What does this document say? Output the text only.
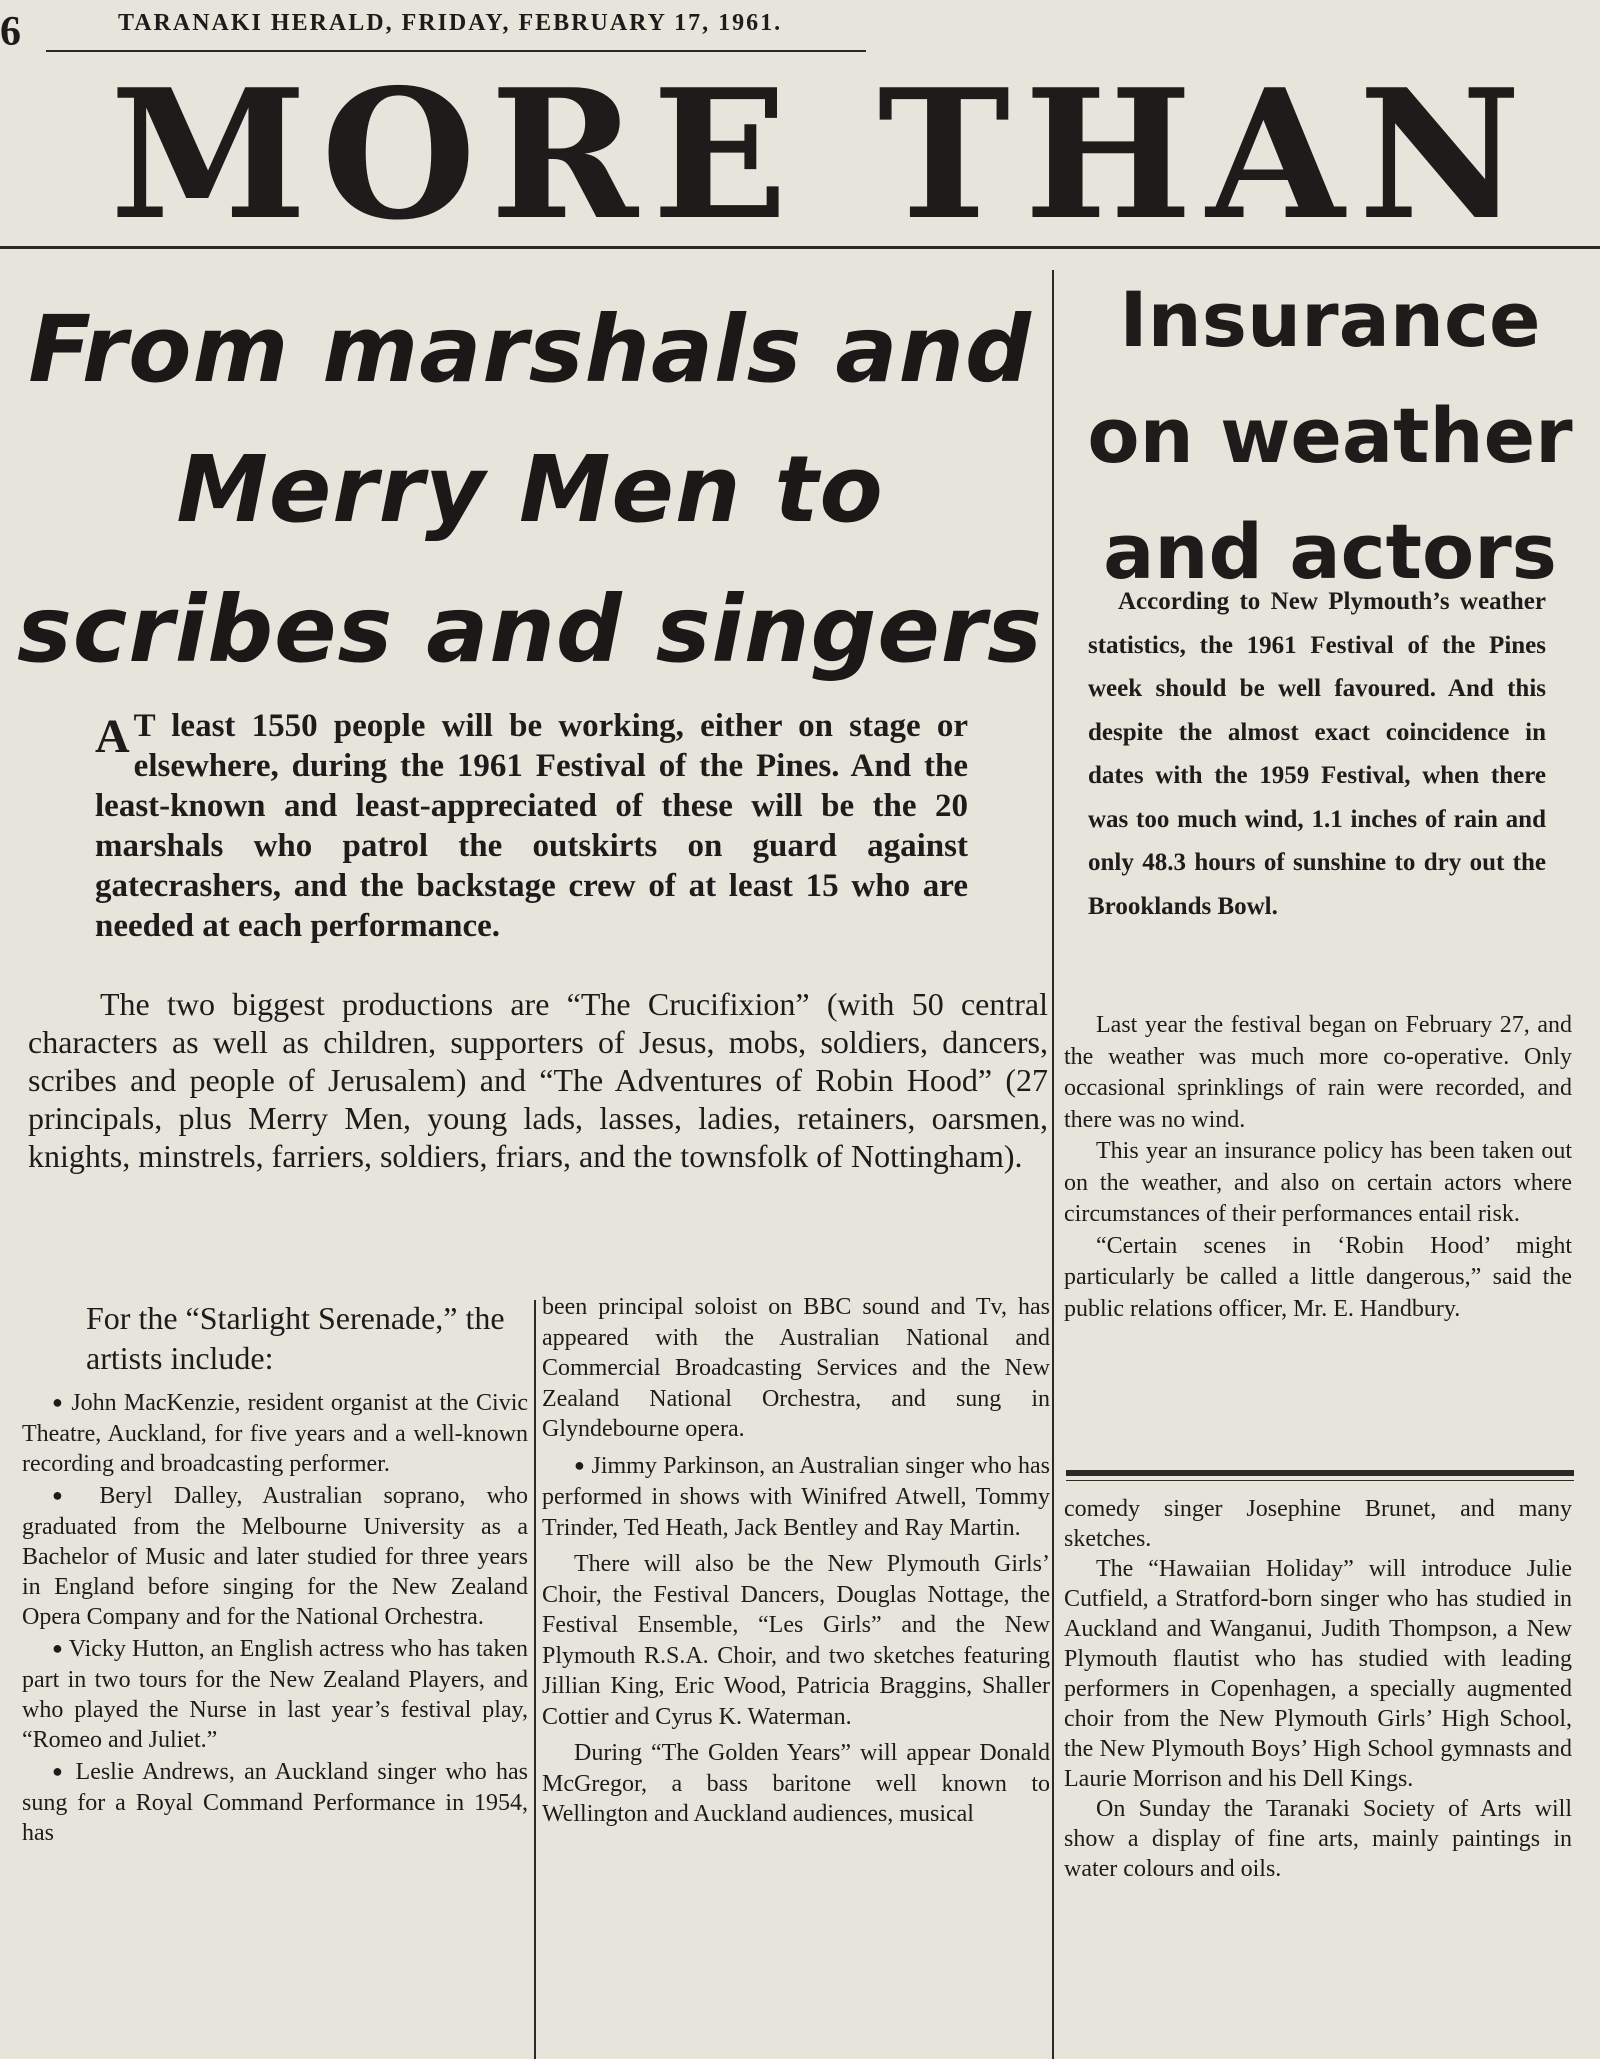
6	TARANAKI HERALD, FRIDAY, FEBRUARY 17, 1961.
MORE THAN
From marshals and Merry Men to scribes and singers
A T least 1550 people will be working, either on stage or elsewhere, during the 1961 Festival of the Pines. And the least-known and least-appreciated of these will be the 20 marshals who patrol the outskirts on guard against gatecrashers, and the backstage crew of at least 15 who are needed at each performance.

The two biggest productions are “The Crucifixion” (with 50 central characters as well as children, supporters of Jesus, mobs, soldiers, dancers, scribes and people of Jerusalem) and “The Adventures of Robin Hood” (27 principals, plus Merry Men, young lads, lasses, ladies, retainers, oarsmen, knights, minstrels, farriers, soldiers, friars, and the townsfolk of Nottingham).

For the “Starlight Serenade,” the artists include:

● John MacKenzie, resident organist at the Civic Theatre, Auckland, for five years and a well-known recording and broadcasting performer.

● Beryl Dalley, Australian soprano, who graduated from the Melbourne University as a Bachelor of Music and later studied for three years in England before singing for the New Zealand Opera Company and for the National Orchestra.

● Vicky Hutton, an English actress who has taken part in two tours for the New Zealand Players, and who played the Nurse in last year’s festival play, “Romeo and Juliet.”

● Leslie Andrews, an Auckland singer who has sung for a Royal Command Performance in 1954, has

been principal soloist on BBC sound and Tv, has appeared with the Australian National and Commercial Broadcasting Services and the New Zealand National Orchestra, and sung in Glyndebourne opera.

● Jimmy Parkinson, an Australian singer who has performed in shows with Winifred Atwell, Tommy Trinder, Ted Heath, Jack Bentley and Ray Martin.

There will also be the New Plymouth Girls’ Choir, the Festival Dancers, Douglas Nottage, the Festival Ensemble, “Les Girls” and the New Plymouth R.S.A. Choir, and two sketches featuring Jillian King, Eric Wood, Patricia Braggins, Shaller Cottier and Cyrus K. Waterman.

During “The Golden Years” will appear Donald McGregor, a bass baritone well known to Wellington and Auckland audiences, musical

Insurance on weather and actors

According to New Plymouth’s weather statistics, the 1961 Festival of the Pines week should be well favoured. And this despite the almost exact coincidence in dates with the 1959 Festival, when there was too much wind, 1.1 inches of rain and only 48.3 hours of sunshine to dry out the Brooklands Bowl.

Last year the festival began on February 27, and the weather was much more co-operative. Only occasional sprinklings of rain were recorded, and there was no wind.

This year an insurance policy has been taken out on the weather, and also on certain actors where circumstances of their performances entail risk.

“Certain scenes in ‘Robin Hood’ might particularly be called a little dangerous,” said the public relations officer, Mr. E. Handbury.

comedy singer Josephine Brunet, and many sketches.

The “Hawaiian Holiday” will introduce Julie Cutfield, a Stratford-born singer who has studied in Auckland and Wanganui, Judith Thompson, a New Plymouth flautist who has studied with leading performers in Copenhagen, a specially augmented choir from the New Plymouth Girls’ High School, the New Plymouth Boys’ High School gymnasts and Laurie Morrison and his Dell Kings.

On Sunday the Taranaki Society of Arts will show a display of fine arts, mainly paintings in water colours and oils.
